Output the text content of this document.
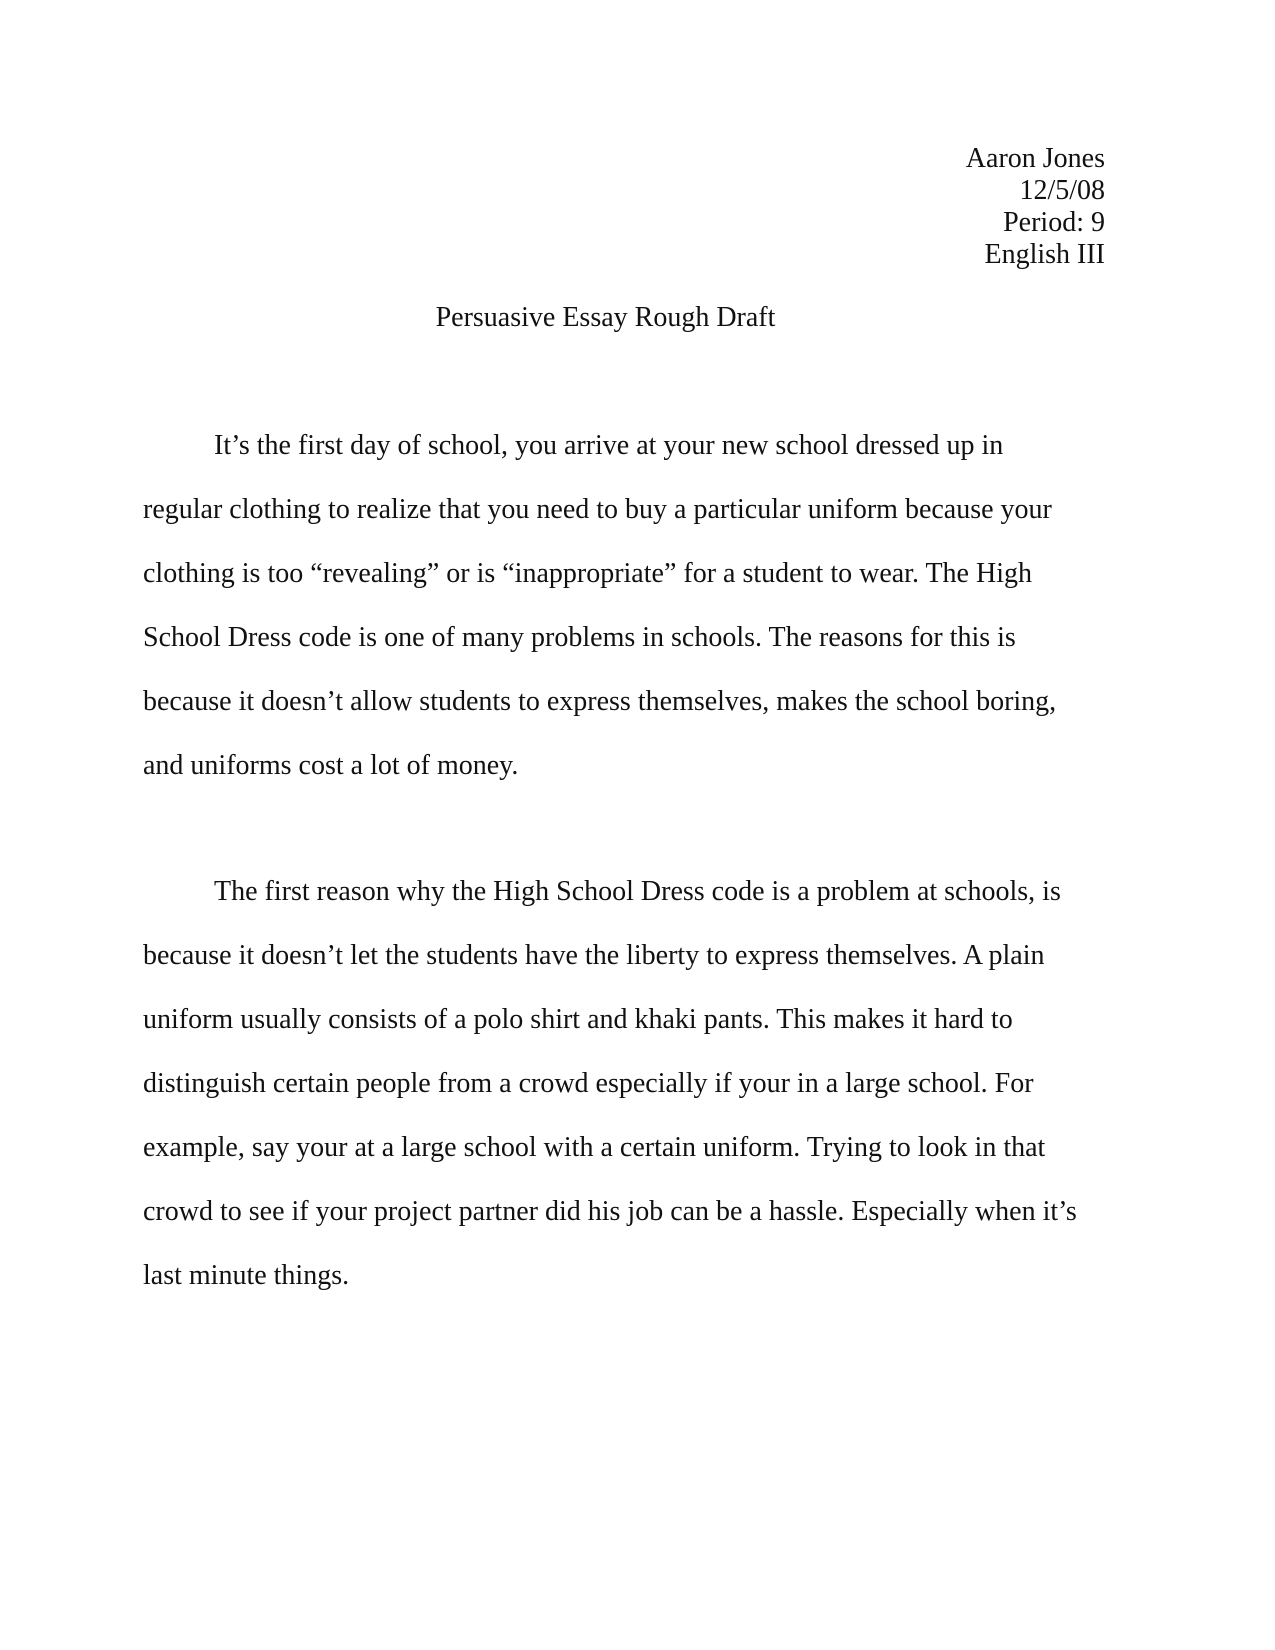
Aaron Jones
12/5/08
Period: 9
English III
Persuasive Essay Rough Draft
It’s the first day of school, you arrive at your new school dressed up in
regular clothing to realize that you need to buy a particular uniform because your
clothing is too “revealing” or is “inappropriate” for a student to wear. The High
School Dress code is one of many problems in schools. The reasons for this is
because it doesn’t allow students to express themselves, makes the school boring,
and uniforms cost a lot of money.
The first reason why the High School Dress code is a problem at schools, is
because it doesn’t let the students have the liberty to express themselves. A plain
uniform usually consists of a polo shirt and khaki pants. This makes it hard to
distinguish certain people from a crowd especially if your in a large school. For
example, say your at a large school with a certain uniform. Trying to look in that
crowd to see if your project partner did his job can be a hassle. Especially when it’s
last minute things.
